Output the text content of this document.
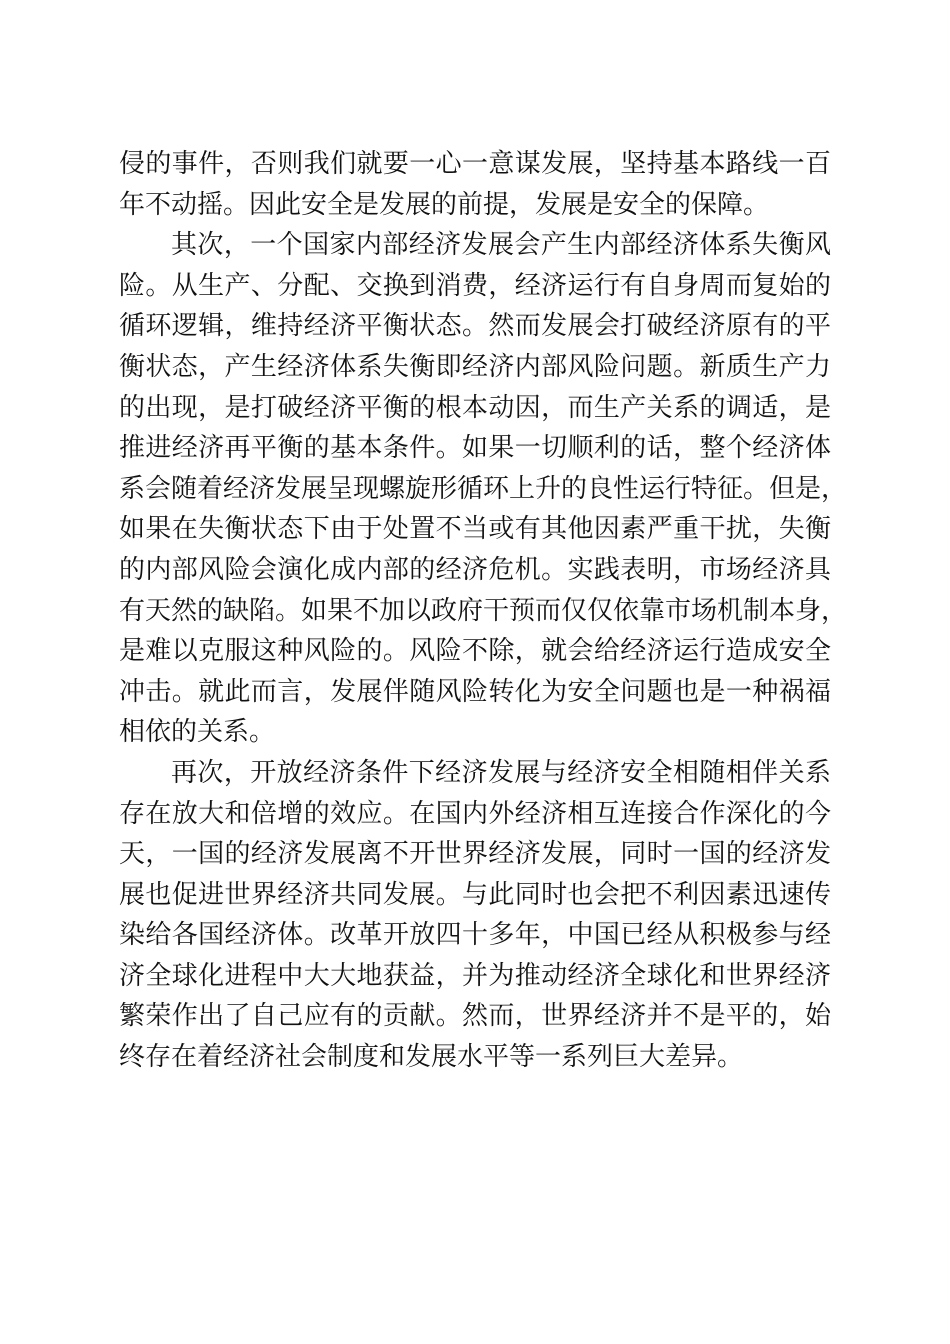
侵的事件，否则我们就要一心一意谋发展，坚持基本路线一百
年不动摇。因此安全是发展的前提，发展是安全的保障。
其次，一个国家内部经济发展会产生内部经济体系失衡风
险。从生产、分配、交换到消费，经济运行有自身周而复始的
循环逻辑，维持经济平衡状态。然而发展会打破经济原有的平
衡状态，产生经济体系失衡即经济内部风险问题。新质生产力
的出现，是打破经济平衡的根本动因，而生产关系的调适，是
推进经济再平衡的基本条件。如果一切顺利的话，整个经济体
系会随着经济发展呈现螺旋形循环上升的良性运行特征。但是，
如果在失衡状态下由于处置不当或有其他因素严重干扰，失衡
的内部风险会演化成内部的经济危机。实践表明，市场经济具
有天然的缺陷。如果不加以政府干预而仅仅依靠市场机制本身，
是难以克服这种风险的。风险不除，就会给经济运行造成安全
冲击。就此而言，发展伴随风险转化为安全问题也是一种祸福
相依的关系。
再次，开放经济条件下经济发展与经济安全相随相伴关系
存在放大和倍增的效应。在国内外经济相互连接合作深化的今
天，一国的经济发展离不开世界经济发展，同时一国的经济发
展也促进世界经济共同发展。与此同时也会把不利因素迅速传
染给各国经济体。改革开放四十多年，中国已经从积极参与经
济全球化进程中大大地获益，并为推动经济全球化和世界经济
繁荣作出了自己应有的贡献。然而，世界经济并不是平的，始
终存在着经济社会制度和发展水平等一系列巨大差异。
